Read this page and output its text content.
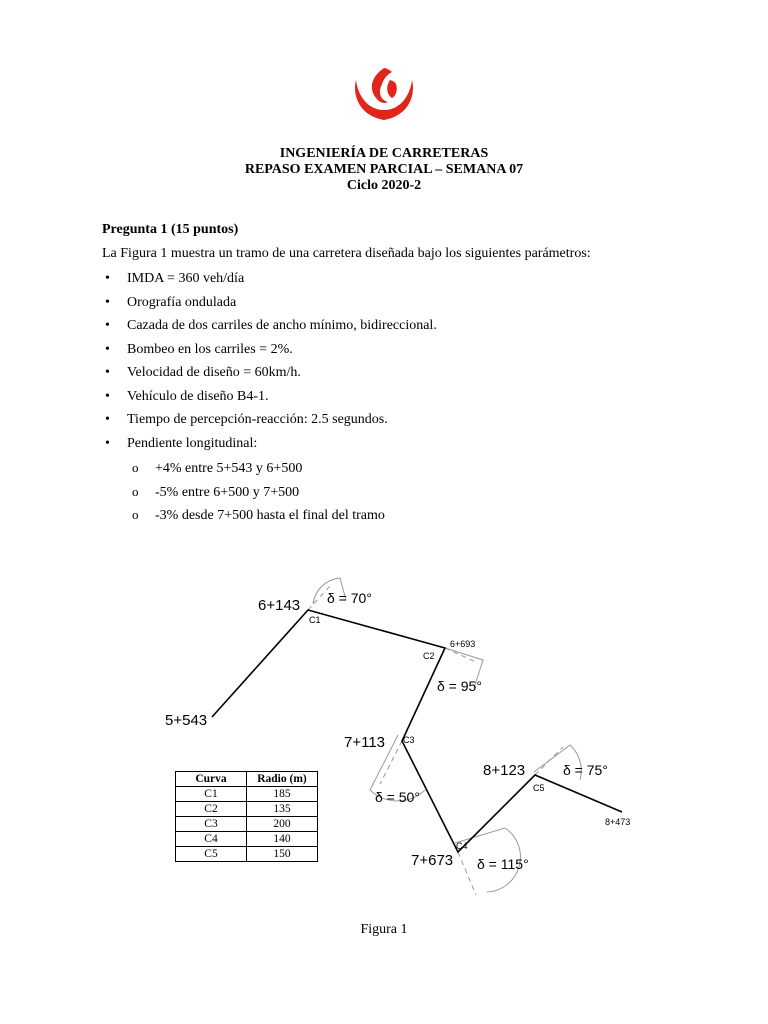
INGENIERÍA DE CARRETERAS
REPASO EXAMEN PARCIAL – SEMANA 07
Ciclo 2020-2
Pregunta 1 (15 puntos)
La Figura 1 muestra un tramo de una carretera diseñada bajo los siguientes parámetros:
• IMDA = 360 veh/día
• Orografía ondulada
• Cazada de dos carriles de ancho mínimo, bidireccional.
• Bombeo en los carriles = 2%.
• Velocidad de diseño = 60km/h.
• Vehículo de diseño B4-1.
• Tiempo de percepción-reacción: 2.5 segundos.
• Pendiente longitudinal:
o +4% entre 5+543 y 6+500
o -5% entre 6+500 y 7+500
o -3% desde 7+500 hasta el final del tramo
5+543
6+143
6+693
7+113
7+673
8+123
8+473
C1
C2
C3
C4
C5
δ = 70°
δ = 95°
δ = 50°
δ = 115°
δ = 75°
Curva	Radio (m)
C1	185
C2	135
C3	200
C4	140
C5	150
Figura 1
